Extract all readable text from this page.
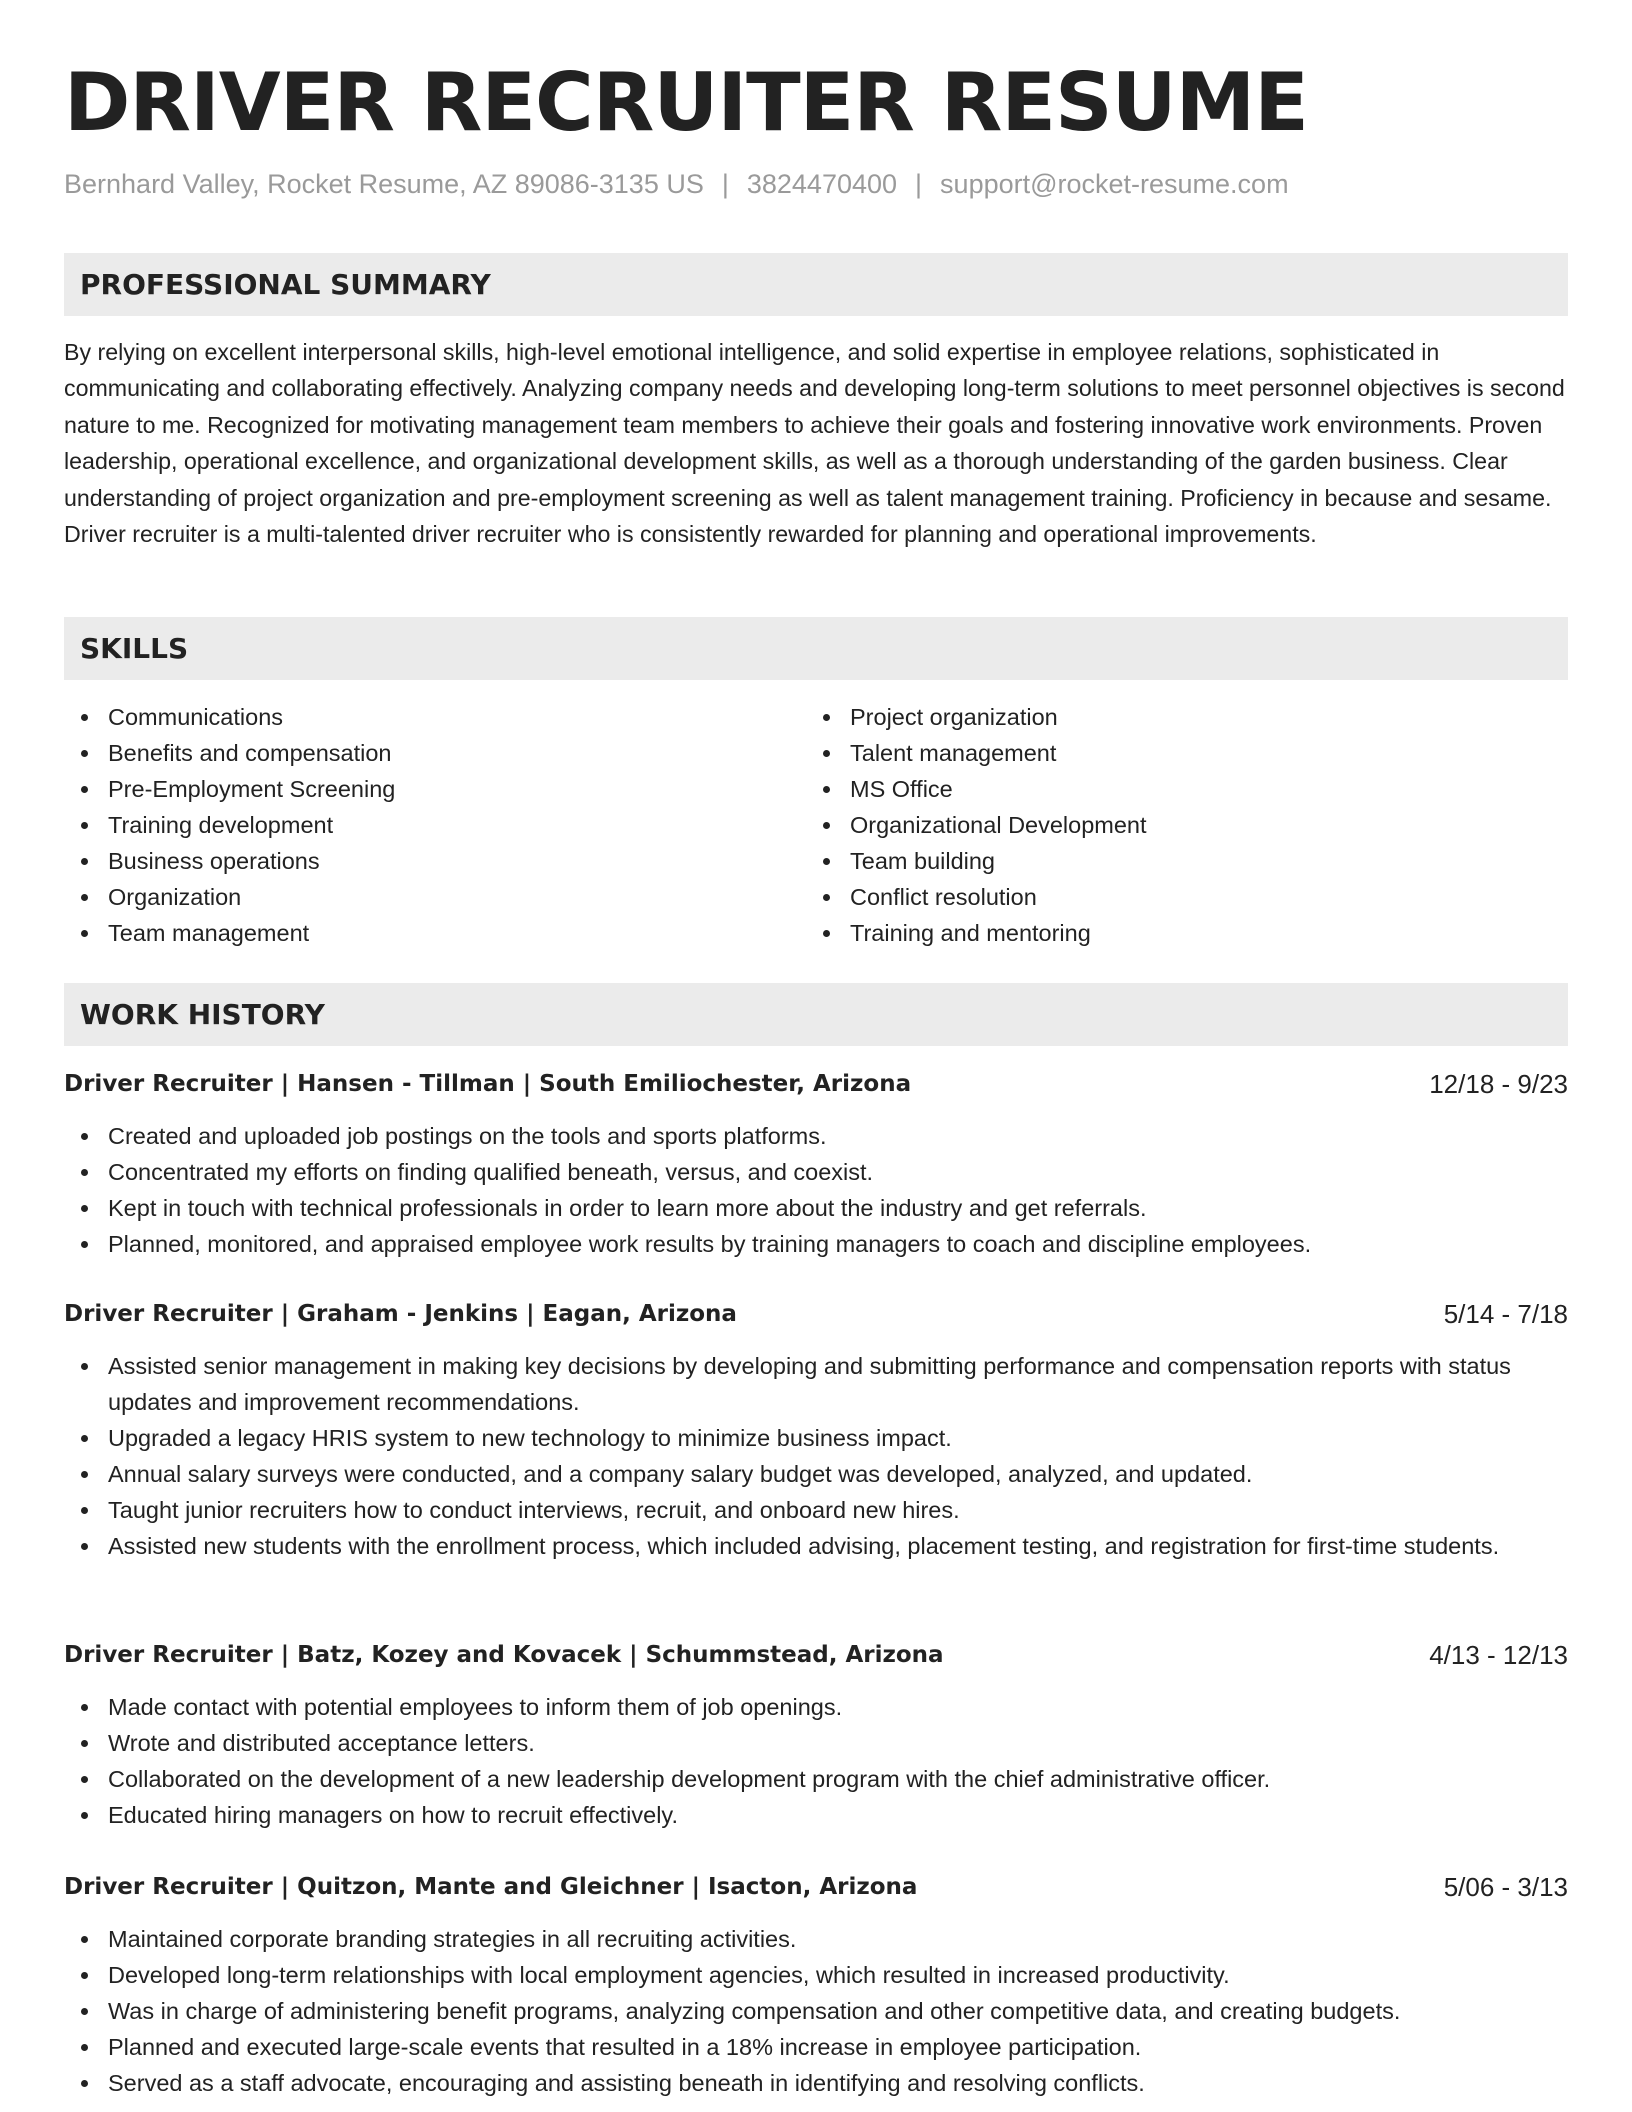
DRIVER RECRUITER RESUME
Bernhard Valley, Rocket Resume, AZ 89086-3135 US | 3824470400 | support@rocket-resume.com
PROFESSIONAL SUMMARY

By relying on excellent interpersonal skills, high-level emotional intelligence, and solid expertise in employee relations, sophisticated in communicating and collaborating effectively. Analyzing company needs and developing long-term solutions to meet personnel objectives is second nature to me. Recognized for motivating management team members to achieve their goals and fostering innovative work environments. Proven leadership, operational excellence, and organizational development skills, as well as a thorough understanding of the garden business. Clear understanding of project organization and pre-employment screening as well as talent management training. Proficiency in because and sesame. Driver recruiter is a multi-talented driver recruiter who is consistently rewarded for planning and operational improvements.

SKILLS
Communications
Benefits and compensation
Pre-Employment Screening
Training development
Business operations
Organization
Team management
Project organization
Talent management
MS Office
Organizational Development
Team building
Conflict resolution
Training and mentoring
WORK HISTORY
Driver Recruiter | Hansen - Tillman | South Emiliochester, Arizona	12/18 - 9/23
Created and uploaded job postings on the tools and sports platforms.
Concentrated my efforts on finding qualified beneath, versus, and coexist.
Kept in touch with technical professionals in order to learn more about the industry and get referrals.
Planned, monitored, and appraised employee work results by training managers to coach and discipline employees.
Driver Recruiter | Graham - Jenkins | Eagan, Arizona	5/14 - 7/18
Assisted senior management in making key decisions by developing and submitting performance and compensation reports with status updates and improvement recommendations.
Upgraded a legacy HRIS system to new technology to minimize business impact.
Annual salary surveys were conducted, and a company salary budget was developed, analyzed, and updated.
Taught junior recruiters how to conduct interviews, recruit, and onboard new hires.
Assisted new students with the enrollment process, which included advising, placement testing, and registration for first-time students.
Driver Recruiter | Batz, Kozey and Kovacek | Schummstead, Arizona	4/13 - 12/13
Made contact with potential employees to inform them of job openings.
Wrote and distributed acceptance letters.
Collaborated on the development of a new leadership development program with the chief administrative officer.
Educated hiring managers on how to recruit effectively.
Driver Recruiter | Quitzon, Mante and Gleichner | Isacton, Arizona	5/06 - 3/13
Maintained corporate branding strategies in all recruiting activities.
Developed long-term relationships with local employment agencies, which resulted in increased productivity.
Was in charge of administering benefit programs, analyzing compensation and other competitive data, and creating budgets.
Planned and executed large-scale events that resulted in a 18% increase in employee participation.
Served as a staff advocate, encouraging and assisting beneath in identifying and resolving conflicts.
